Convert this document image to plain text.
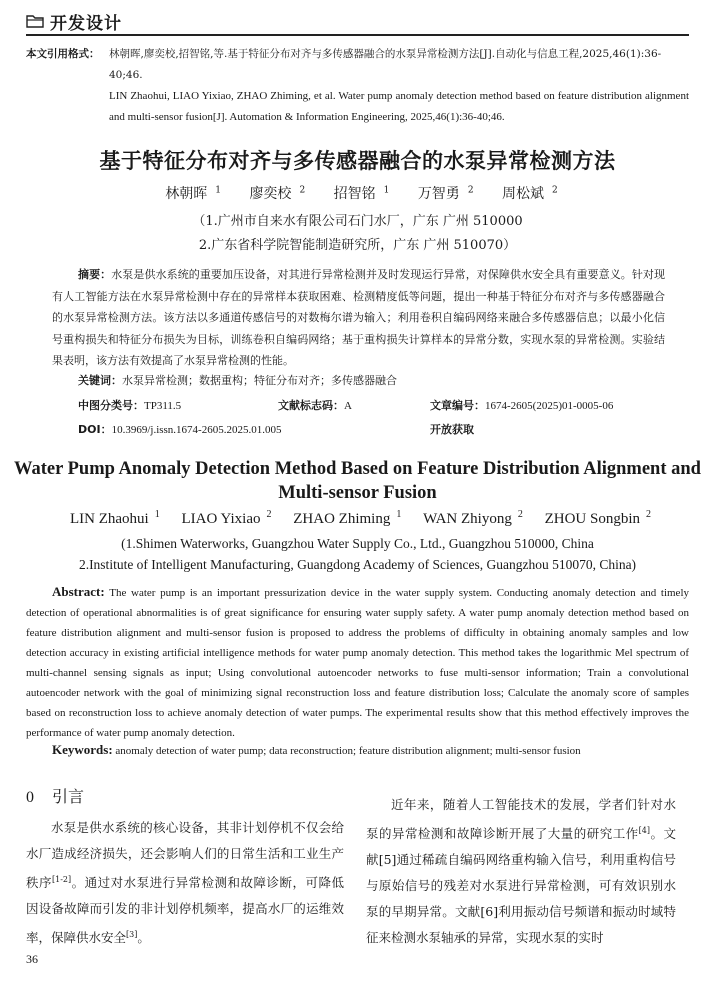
开发设计
本文引用格式： 林朝晖,廖奕校,招智铭,等.基于特征分布对齐与多传感器融合的水泵异常检测方法[J].自动化与信息工程,2025,46(1):36-40;46.
LIN Zhaohui, LIAO Yixiao, ZHAO Zhiming, et al. Water pump anomaly detection method based on feature distribution alignment and multi-sensor fusion[J]. Automation & Information Engineering, 2025,46(1):36-40;46.
基于特征分布对齐与多传感器融合的水泵异常检测方法
林朝晖 $^1$ 廖奕校 $^2$ 招智铭 $^1$ 万智勇 $^2$ 周松斌 $^2$
（1.广州市自来水有限公司石门水厂，广东 广州 510000
2.广东省科学院智能制造研究所，广东 广州 510070）
摘要：水泵是供水系统的重要加压设备，对其进行异常检测并及时发现运行异常，对保障供水安全具有重要意义。针对现有人工智能方法在水泵异常检测中存在的异常样本获取困难、检测精度低等问题，提出一种基于特征分布对齐与多传感器融合的水泵异常检测方法。该方法以多通道传感信号的对数梅尔谱为输入；利用卷积自编码网络来融合多传感器信息；以最小化信号重构损失和特征分布损失为目标，训练卷积自编码网络；基于重构损失计算样本的异常分数，实现水泵的异常检测。实验结果表明，该方法有效提高了水泵异常检测的性能。
关键词：水泵异常检测；数据重构；特征分布对齐；多传感器融合
中图分类号：TP311.5	文献标志码：A	文章编号：1674-2605(2025)01-0005-06
DOI：10.3969/j.issn.1674-2605.2025.01.005	开放获取
Water Pump Anomaly Detection Method Based on Feature Distribution Alignment and Multi-sensor Fusion
LIN Zhaohui $^1$ LIAO Yixiao $^2$ ZHAO Zhiming $^1$ WAN Zhiyong $^2$ ZHOU Songbin $^2$
(1.Shimen Waterworks, Guangzhou Water Supply Co., Ltd., Guangzhou 510000, China
2.Institute of Intelligent Manufacturing, Guangdong Academy of Sciences, Guangzhou 510070, China)
Abstract: The water pump is an important pressurization device in the water supply system. Conducting anomaly detection and timely detection of operational abnormalities is of great significance for ensuring water supply safety. A water pump anomaly detection method based on feature distribution alignment and multi-sensor fusion is proposed to address the problems of difficulty in obtaining anomaly samples and low detection accuracy in existing artificial intelligence methods for water pump anomaly detection. This method takes the logarithmic Mel spectrum of multi-channel sensing signals as input; Using convolutional autoencoder networks to fuse multi-sensor information; Train a convolutional autoencoder network with the goal of minimizing signal reconstruction loss and feature distribution loss; Calculate the anomaly score of samples based on reconstruction loss to achieve anomaly detection of water pumps. The experimental results show that this method effectively improves the performance of water pump anomaly detection.
Keywords: anomaly detection of water pump; data reconstruction; feature distribution alignment; multi-sensor fusion
0 引言

水泵是供水系统的核心设备，其非计划停机不仅会给水厂造成经济损失，还会影响人们的日常生活和工业生产秩序[1-2]。通过对水泵进行异常检测和故障诊断，可降低因设备故障而引发的非计划停机频率，提高水厂的运维效率，保障供水安全[3]。

近年来，随着人工智能技术的发展，学者们针对水泵的异常检测和故障诊断开展了大量的研究工作[4]。文献[5]通过稀疏自编码网络重构输入信号，利用重构信号与原始信号的残差对水泵进行异常检测，可有效识别水泵的早期异常。文献[6]利用振动信号频谱和振动时域特征来检测水泵轴承的异常，实现水泵的实时

36
